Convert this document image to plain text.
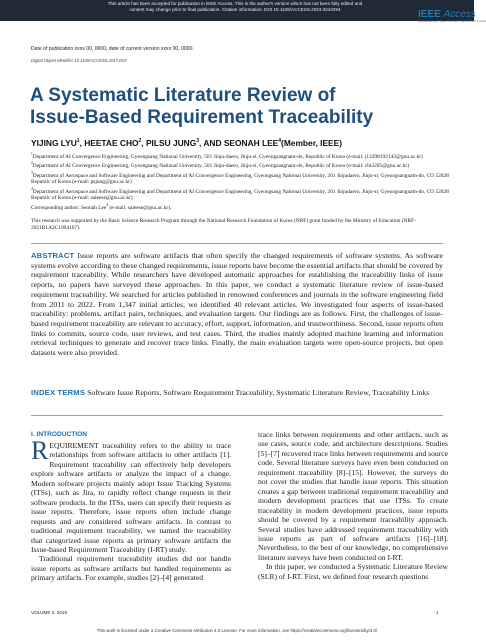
This article has been accepted for publication in IEEE Access. This is the author's version which has not been fully edited and
content may change prior to final publication. Citation information: DOI 10.1109/ACCESS.2023.3242294	IEEE Access
Multidisciplinary | Rapid Review | Open Access Journal
Date of publication xxxx 00, 0000, date of current version xxxx 00, 0000.
Digital Object Identifier 10.1109/ACCESS.2017.DOI
A Systematic Literature Review of
Issue-Based Requirement Traceability
YIJING LYU$^1$, HEETAE CHO$^2$, PILSU JUNG$^3$, AND SEONAH LEE$^4$(Member, IEEE)
$^1$Department of AI Convergence Engineering, Gyeongsang National University, 501 Jinju-daero, Jinju-si, Gyeongsangnam-do, Republic of Korea (e-mail: j13298192142@gnu.ac.kr)
$^2$Department of AI Convergence Engineering, Gyeongsang National University, 501 Jinju-daero, Jinju-si, Gyeongsangnam-do, Republic of Korea (e-mail: cht3205@gnu.ac.kr)
$^3$Department of Aerospace and Software Engineering and Department of AI Convergence Engineering, Gyeongsang National University, 201 Jinjudaero, Jinju-si, Gyeongsangnam-do, CO 52828 Republic of Korea (e-mail: psjung@gnu.ac.kr)
$^4$Department of Aerospace and Software Engineering and Department of AI Convergence Engineering, Gyeongsang National University, 201 Jinjudaero, Jinju-si, Gyeongsangnam-do, CO 52828 Republic of Korea (e-mail: saleese@gnu.ac.kr)
Corresponding author: Seonah Lee$^4$ (e-mail: saleese@gnu.ac.kr).
This research was supported by the Basic Science Research Program through the National Research Foundation of Korea (NRF) grant funded by the Ministry of Education (NRF-2021R1A2C1094167).
ABSTRACT Issue reports are software artifacts that often specify the changed requirements of software systems. As software systems evolve according to these changed requirements, issue reports have become the essential artifacts that should be covered by requirement traceability. While researchers have developed automatic approaches for establishing the traceability links of issue reports, no papers have surveyed these approaches. In this paper, we conduct a systematic literature review of issue-based requirement traceability. We searched for articles published in renowned conferences and journals in the software engineering field from 2011 to 2022. From 1,347 initial articles, we identified 40 relevant articles. We investigated four aspects of issue-based traceability: problems, artifact pairs, techniques, and evaluation targets. Our findings are as follows. First, the challenges of issue-based requirement traceability are relevant to accuracy, effort, support, information, and trustworthiness. Second, issue reports often links to commits, source code, user reviews, and test cases. Third, the studies mainly adopted machine learning and information retrieval techniques to generate and recover trace links. Finally, the main evaluation targets were open-source projects, but open datasets were also provided.
INDEX TERMS Software Issue Reports, Software Requirement Traceability, Systematic Literature Review, Traceability Links
I. INTRODUCTION

REQUIREMENT traceability refers to the ability to trace relationships from software artifacts to other artifacts [1]. Requirement traceability can effectively help developers explore software artifacts or analyze the impact of a change. Modern software projects mainly adopt Issue Tracking Systems (ITSs), such as Jira, to rapidly reflect change requests in their software products. In the ITSs, users can specify their requests as issue reports. Therefore, issue reports often include change requests and are considered software artifacts. In contrast to traditional requirement traceability, we named the traceability that categorized issue reports as primary software artifacts the Issue-based Requirement Traceability (I-RT) study.

Traditional requirement traceability studies did not handle issue reports as software artifacts but handled requirements as primary artifacts. For example, studies [2]–[4] generated

trace links between requirements and other artifacts, such as use cases, source code, and architecture descriptions. Studies [5]–[7] recovered trace links between requirements and source code. Several literature surveys have even been conducted on requirement traceability [8]–[15]. However, the surveys do not cover the studies that handle issue reports. This situation creates a gap between traditional requirement traceability and modern development practices that use ITSs. To create traceability in modern development practices, issue reports should be covered by a requirement traceability approach. Several studies have addressed requirement traceability with issue reports as part of software artifacts [16]–[18]. Nevertheless, to the best of our knowledge, no comprehensive literature surveys have been conducted on I-RT.

In this paper, we conducted a Systematic Literature Review (SLR) of I-RT. First, we defined four research questions

VOLUME 4, 2016	1
This work is licensed under a Creative Commons Attribution 4.0 License. For more information, see https://creativecommons.org/licenses/by/4.0/
